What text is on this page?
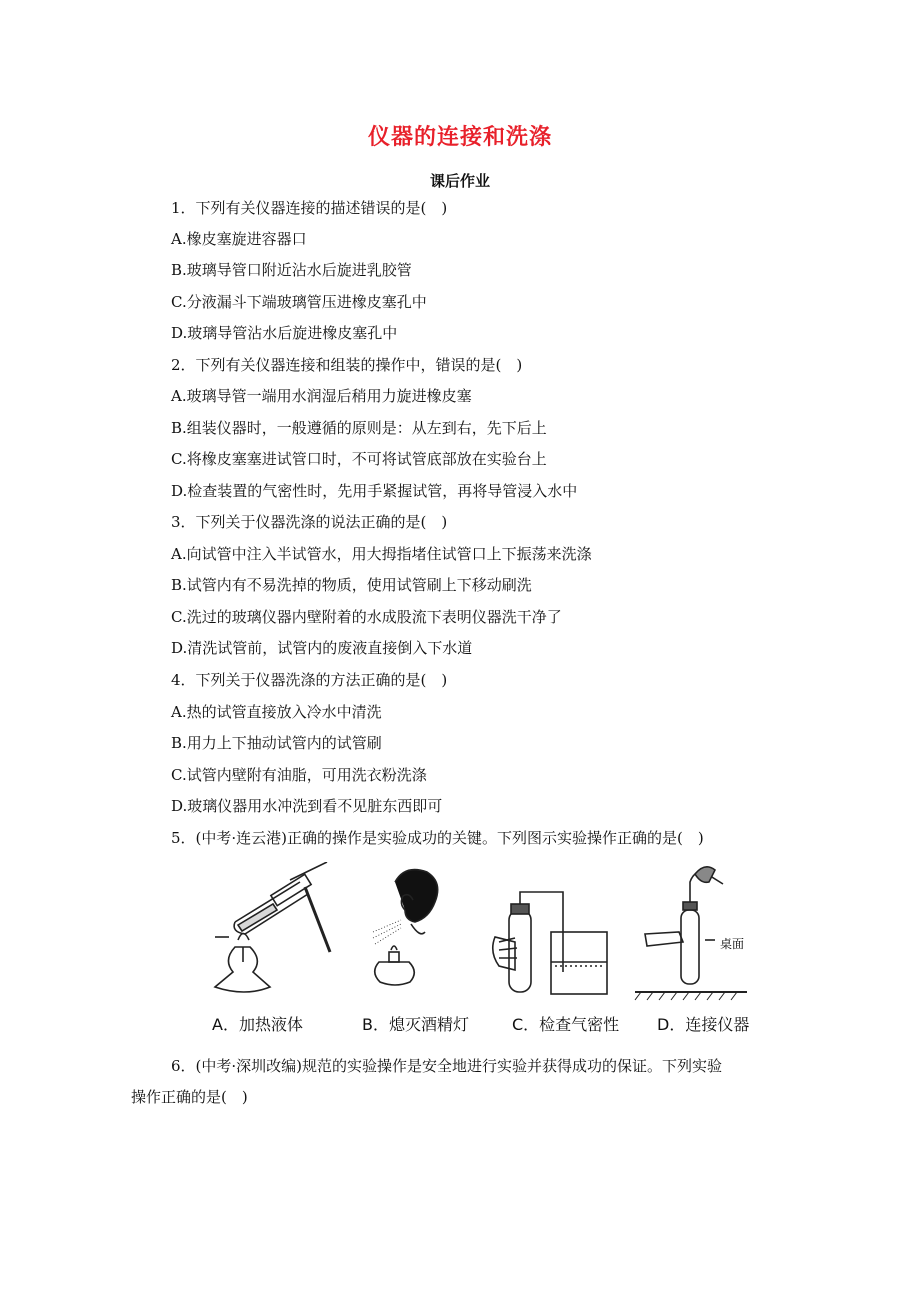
仪器的连接和洗涤
课后作业
1．下列有关仪器连接的描述错误的是(　)
A.橡皮塞旋进容器口
B.玻璃导管口附近沾水后旋进乳胶管
C.分液漏斗下端玻璃管压进橡皮塞孔中
D.玻璃导管沾水后旋进橡皮塞孔中
2．下列有关仪器连接和组装的操作中，错误的是(　)
A.玻璃导管一端用水润湿后稍用力旋进橡皮塞
B.组装仪器时，一般遵循的原则是：从左到右，先下后上
C.将橡皮塞塞进试管口时，不可将试管底部放在实验台上
D.检查装置的气密性时，先用手紧握试管，再将导管浸入水中
3．下列关于仪器洗涤的说法正确的是(　)
A.向试管中注入半试管水，用大拇指堵住试管口上下振荡来洗涤
B.试管内有不易洗掉的物质，使用试管刷上下移动刷洗
C.洗过的玻璃仪器内壁附着的水成股流下表明仪器洗干净了
D.清洗试管前，试管内的废液直接倒入下水道
4．下列关于仪器洗涤的方法正确的是(　)
A.热的试管直接放入冷水中清洗
B.用力上下抽动试管内的试管刷
C.试管内壁附有油脂，可用洗衣粉洗涤
D.玻璃仪器用水冲洗到看不见脏东西即可
5．(中考·连云港)正确的操作是实验成功的关键。下列图示实验操作正确的是(　)
桌面
A．加热液体	B．熄灭酒精灯	C．检查气密性 D．连接仪器
6．(中考·深圳改编)规范的实验操作是安全地进行实验并获得成功的保证。下列实验
操作正确的是(　)
